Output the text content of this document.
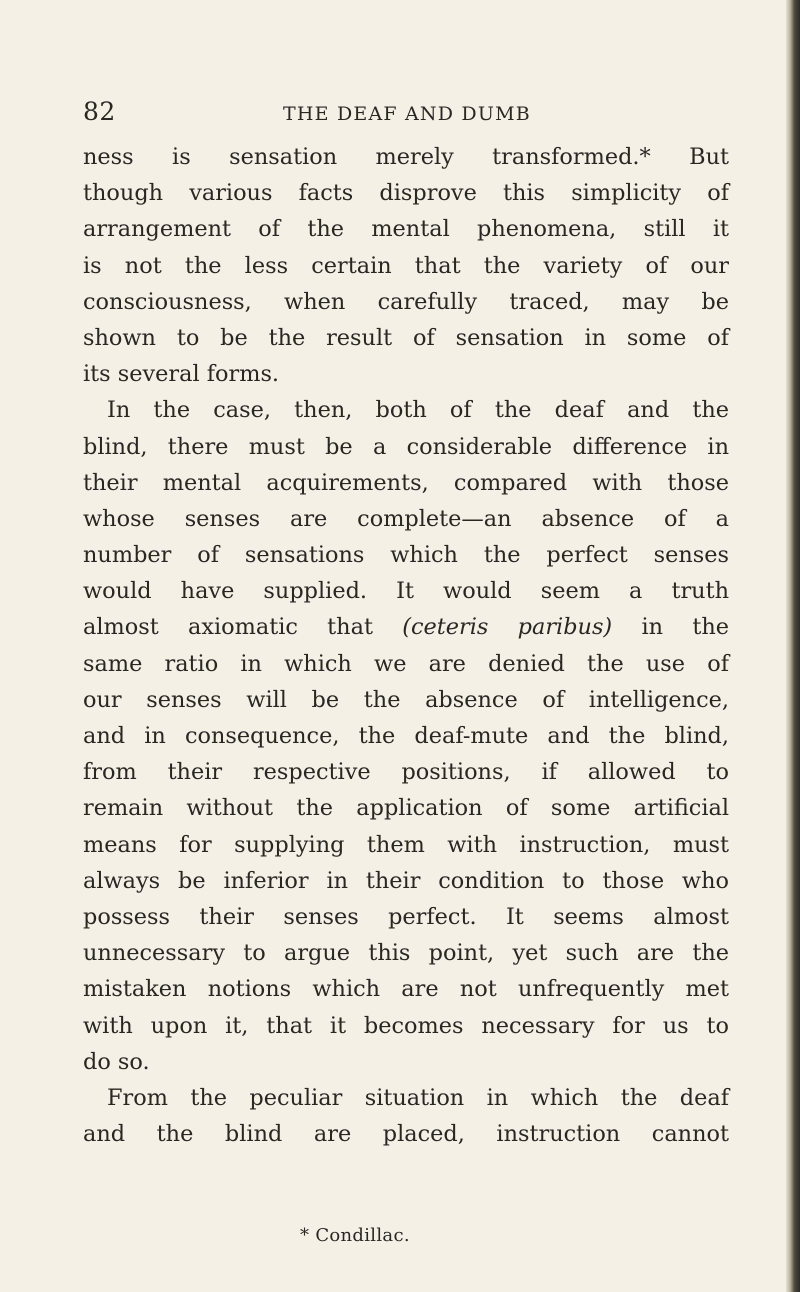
82	THE DEAF AND DUMB
ness is sensation merely transformed.* But
though various facts disprove this simplicity of
arrangement of the mental phenomena, still it
is not the less certain that the variety of our
consciousness, when carefully traced, may be
shown to be the result of sensation in some of
its several forms.
In the case, then, both of the deaf and the
blind, there must be a considerable difference in
their mental acquirements, compared with those
whose senses are complete—an absence of a
number of sensations which the perfect senses
would have supplied. It would seem a truth
almost axiomatic that (ceteris paribus) in the
same ratio in which we are denied the use of
our senses will be the absence of intelligence,
and in consequence, the deaf-mute and the blind,
from their respective positions, if allowed to
remain without the application of some artificial
means for supplying them with instruction, must
always be inferior in their condition to those who
possess their senses perfect. It seems almost
unnecessary to argue this point, yet such are the
mistaken notions which are not unfrequently met
with upon it, that it becomes necessary for us to
do so.
From the peculiar situation in which the deaf
and the blind are placed, instruction cannot
* Condillac.
